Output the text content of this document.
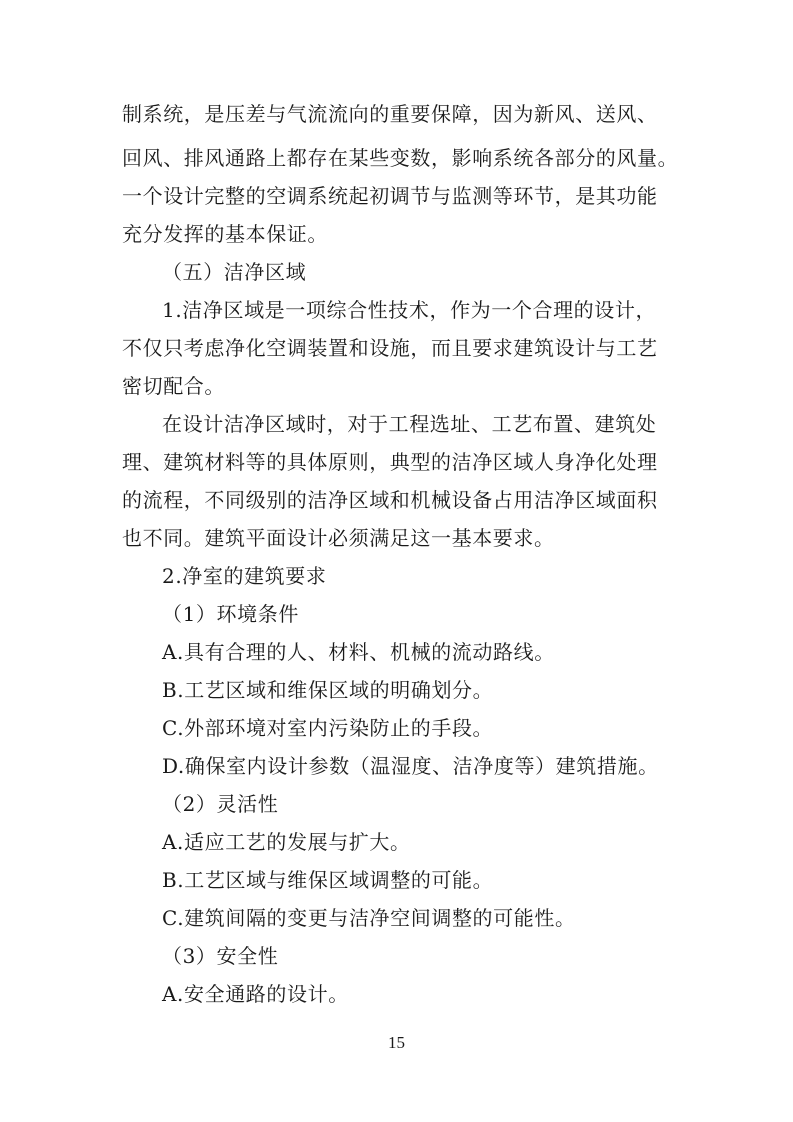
制系统，是压差与气流流向的重要保障，因为新风、送风、
回风、排风通路上都存在某些变数，影响系统各部分的风量。
一个设计完整的空调系统起初调节与监测等环节，是其功能
充分发挥的基本保证。
（五）洁净区域
1.洁净区域是一项综合性技术，作为一个合理的设计，
不仅只考虑净化空调装置和设施，而且要求建筑设计与工艺
密切配合。
在设计洁净区域时，对于工程选址、工艺布置、建筑处
理、建筑材料等的具体原则，典型的洁净区域人身净化处理
的流程，不同级别的洁净区域和机械设备占用洁净区域面积
也不同。建筑平面设计必须满足这一基本要求。
2.净室的建筑要求
（1）环境条件
A.具有合理的人、材料、机械的流动路线。
B.工艺区域和维保区域的明确划分。
C.外部环境对室内污染防止的手段。
D.确保室内设计参数（温湿度、洁净度等）建筑措施。
（2）灵活性
A.适应工艺的发展与扩大。
B.工艺区域与维保区域调整的可能。
C.建筑间隔的变更与洁净空间调整的可能性。
（3）安全性
A.安全通路的设计。
15
